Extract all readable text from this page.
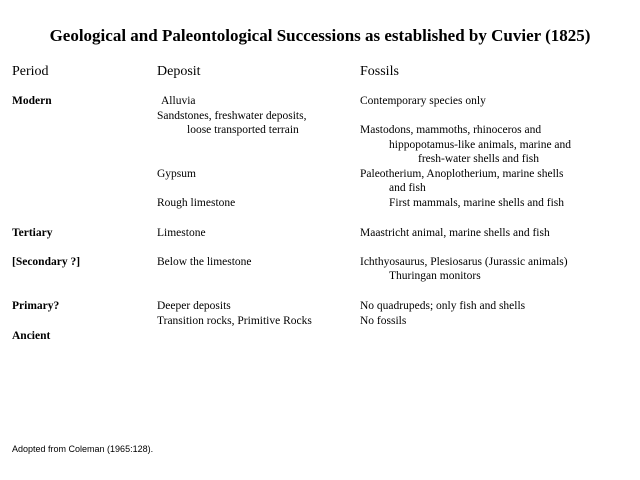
Geological and Paleontological Successions as established by Cuvier (1825)
Period	Deposit	Fossils
Modern
Tertiary
[Secondary ?]
Primary?
Ancient
Alluvia
Sandstones, freshwater deposits,
loose transported terrain
Gypsum
Rough limestone
Limestone
Below the limestone
Deeper deposits
Transition rocks, Primitive Rocks
Contemporary species only
Mastodons, mammoths, rhinoceros and
hippopotamus-like animals, marine and
fresh-water shells and fish
Paleotherium, Anoplotherium, marine shells
and fish
First mammals, marine shells and fish
Maastricht animal, marine shells and fish
Ichthyosaurus, Plesiosarus (Jurassic animals)
Thuringan monitors
No quadrupeds; only fish and shells
No fossils
Adopted from Coleman (1965:128).
